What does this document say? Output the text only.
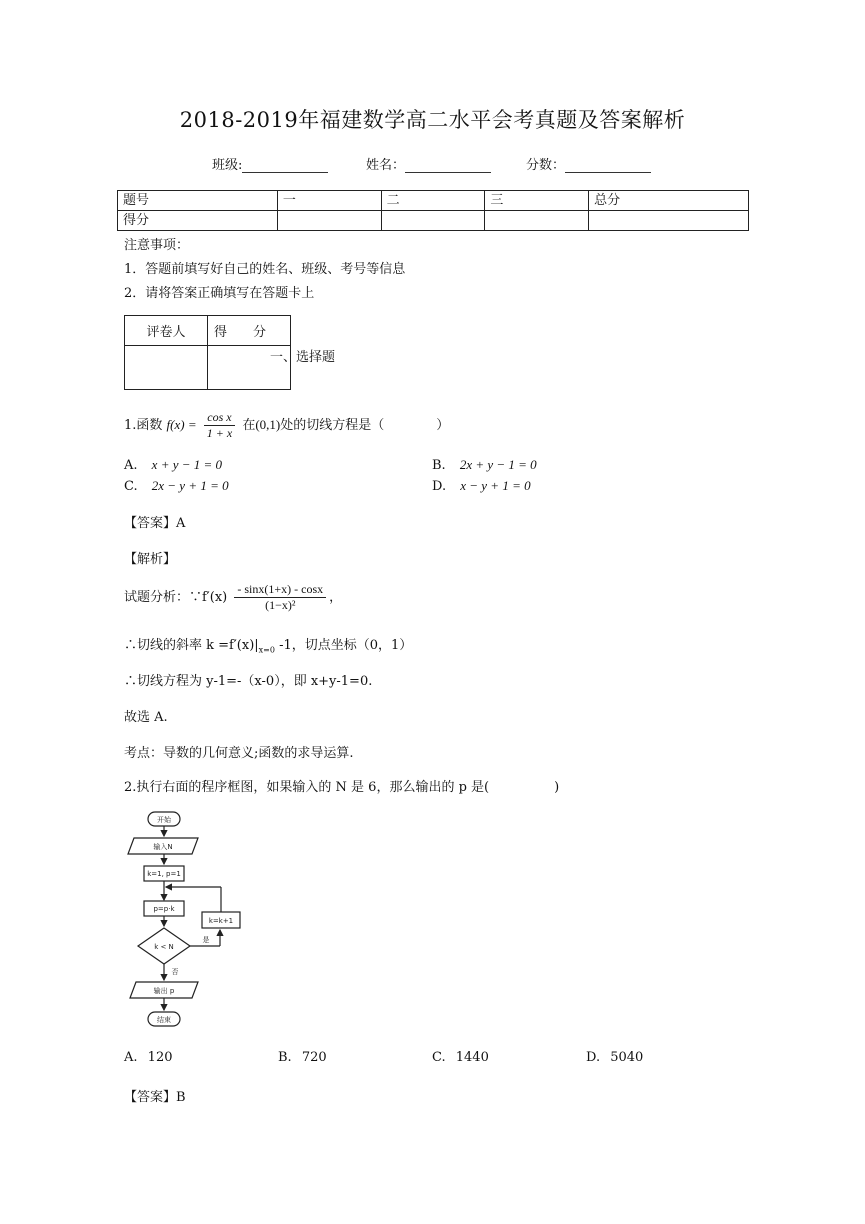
2018-2019年福建数学高二水平会考真题及答案解析
班级:	姓名：	分数：
题号	一	二	三	总分
得分				
注意事项：
1．答题前填写好自己的姓名、班级、考号等信息
2．请将答案正确填写在答题卡上
评卷人	得　　分

一、选择题
1.函数 $f(x) = \frac{\text{cos x}}{1 + x}$ 在(0,1)处的切线方程是（　　　　）
A. x + y − 1 = 0	B. 2x + y − 1 = 0
C. 2x − y + 1 = 0	D. x − y + 1 = 0
【答案】A
【解析】
试题分析：∵f′(x) $\frac{- \sin x(1+x) - \cos x}{\text{(1−x)²}}$ ，
∴切线的斜率 $k =f'(x)|_{x=0}$ -1，切点坐标（0，1）
∴切线方程为 y-1=-（x-0），即 x+y-1=0.
故选 A.
考点：导数的几何意义;函数的求导运算.
2.执行右面的程序框图，如果输入的 N 是 6，那么输出的 p 是(　　　　　)
开始
输入N
k=1, p=1
p=p·k
k < N
k=k+1
是
否
输出 p
结束
A. 120	B. 720	C. 1440	D. 5040
【答案】B
